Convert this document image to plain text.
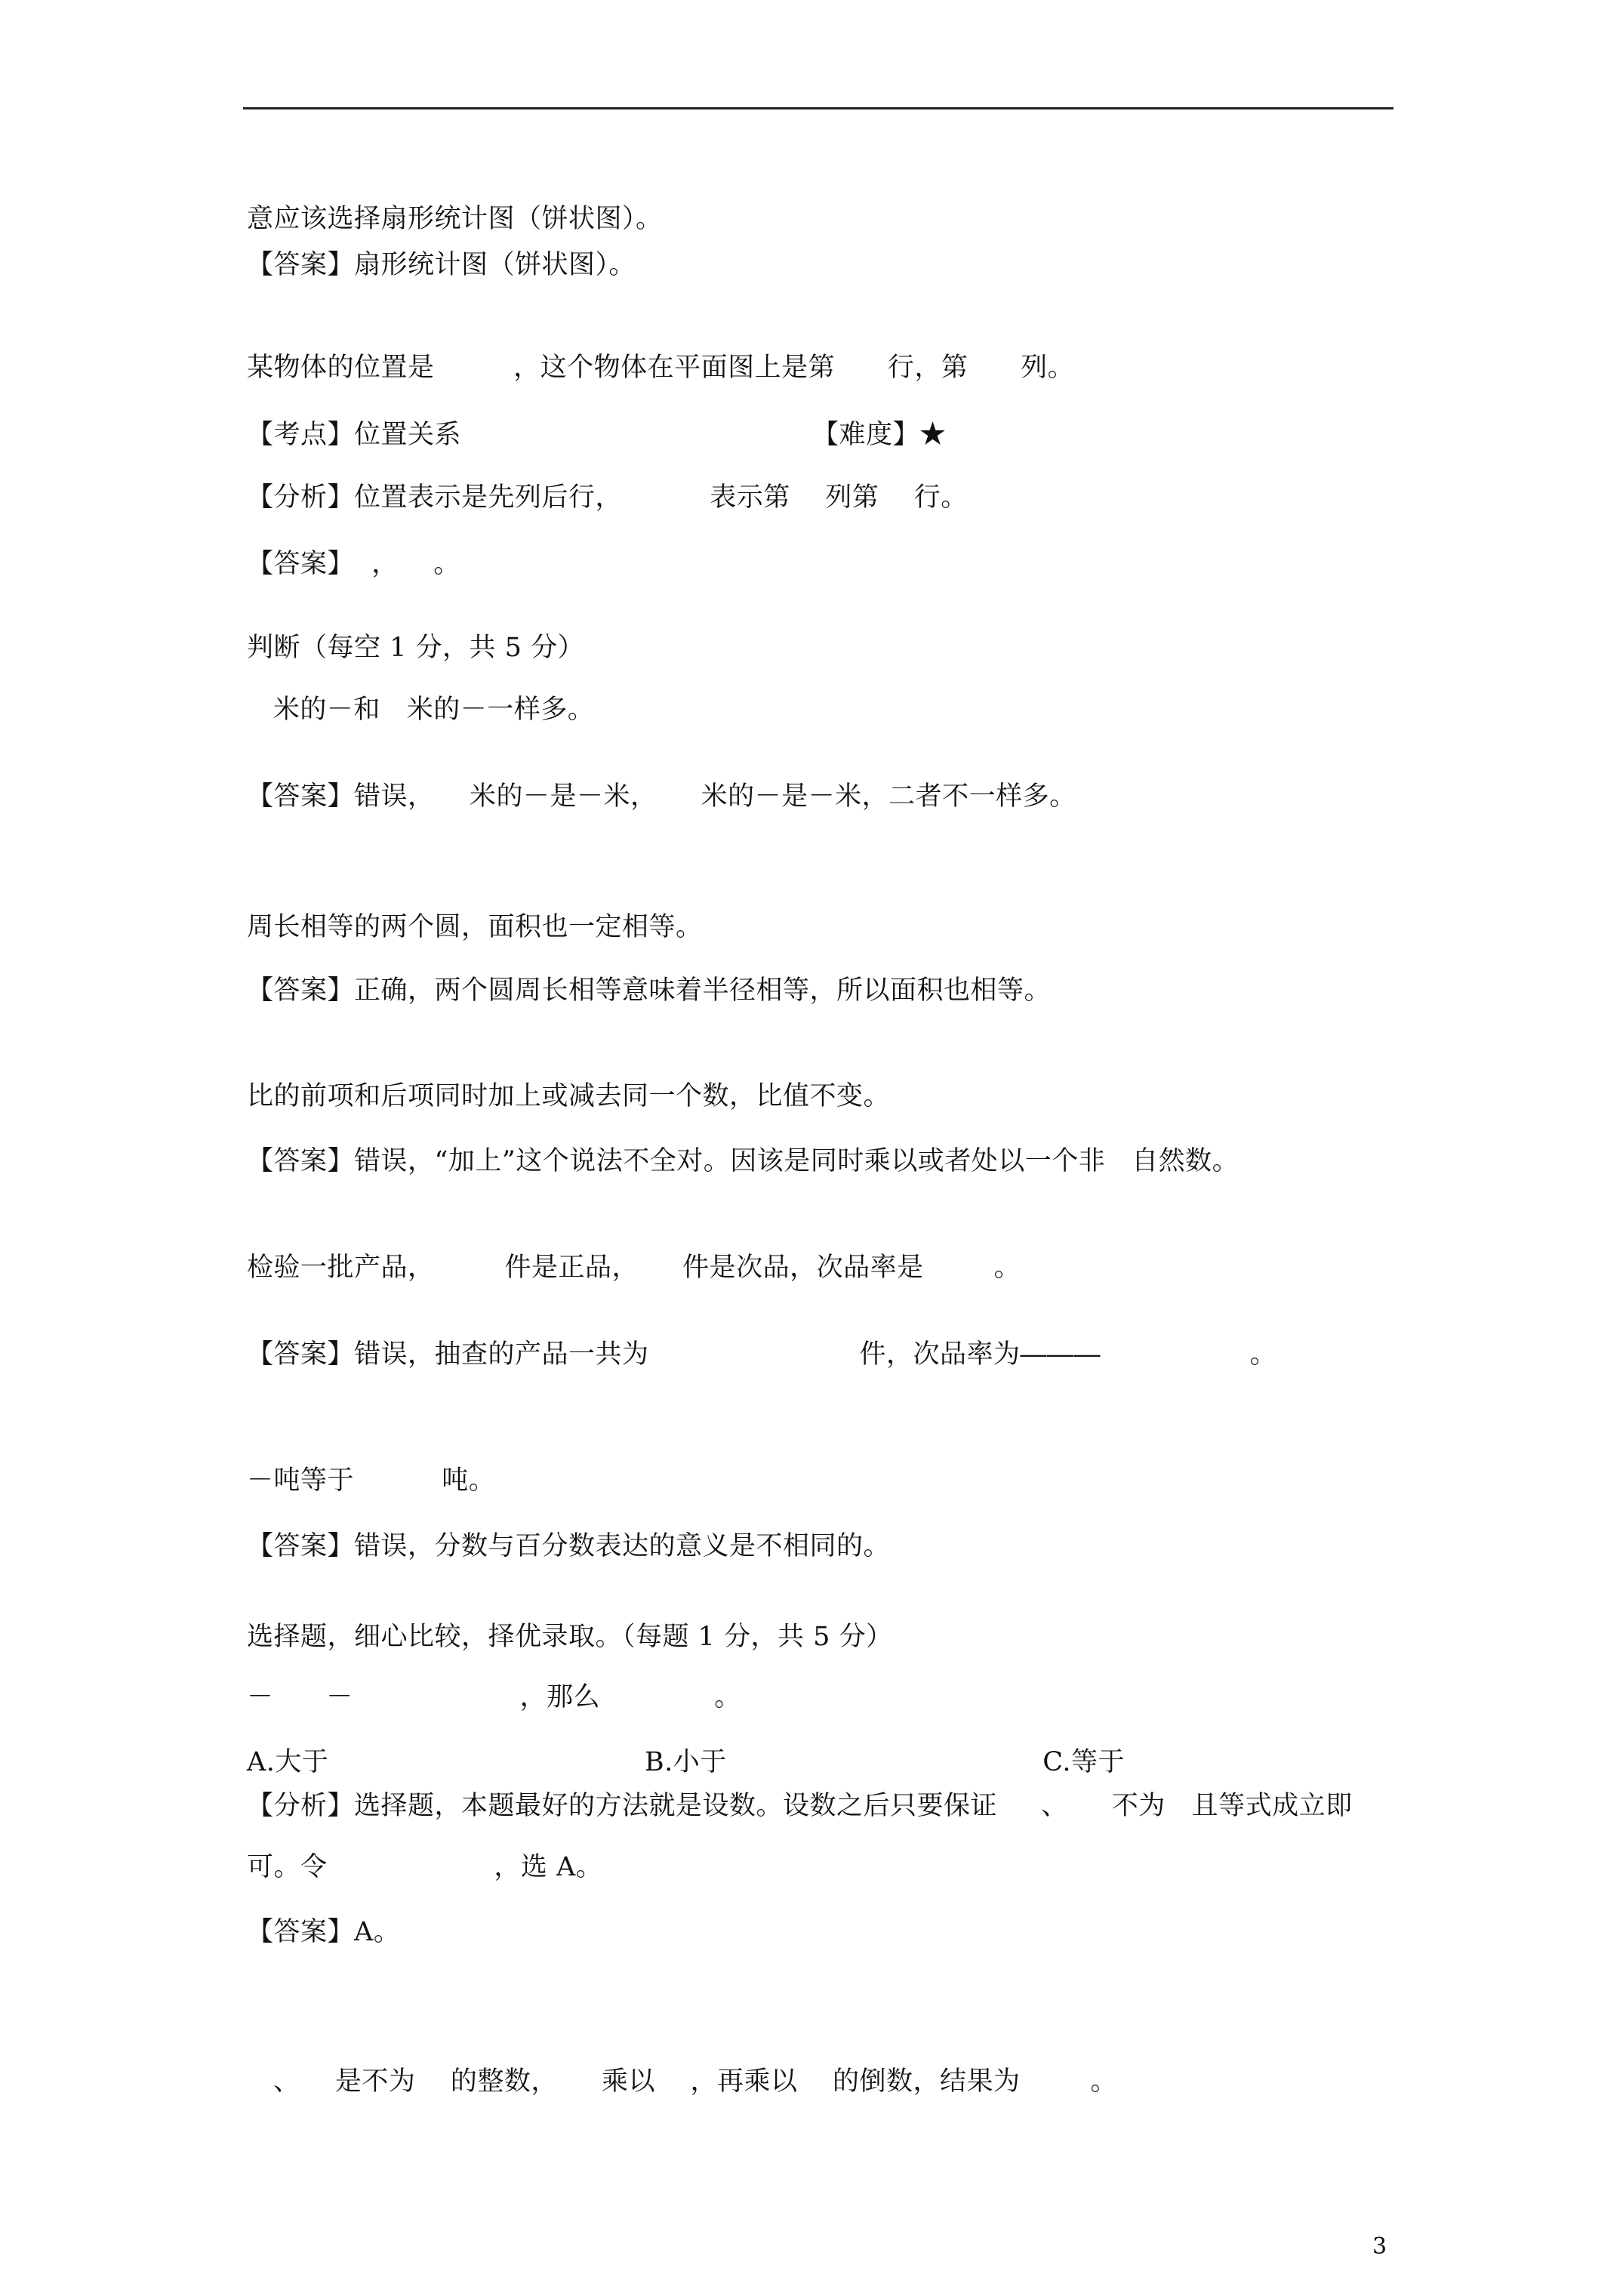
意应该选择扇形统计图（饼状图）。
【答案】扇形统计图（饼状图）。
某物体的位置是         ，这个物体在平面图上是第      行，第      列。
【考点】位置关系                                        【难度】★
【分析】位置表示是先列后行，          表示第    列第    行。
【答案】  ，    。
判断（每空 1 分，共 5 分）
米的－和   米的－一样多。
【答案】错误，    米的－是－米，     米的－是－米，二者不一样多。
周长相等的两个圆，面积也一定相等。
【答案】正确，两个圆周长相等意味着半径相等，所以面积也相等。
比的前项和后项同时加上或减去同一个数，比值不变。
【答案】错误，“加上”这个说法不全对。因该是同时乘以或者处以一个非   自然数。
检验一批产品，        件是正品，     件是次品，次品率是        。
【答案】错误，抽查的产品一共为                        件，次品率为―――                 。
－吨等于          吨。
【答案】错误，分数与百分数表达的意义是不相同的。
选择题，细心比较，择优录取。（每题 1 分，共 5 分）
－      －                   ，那么             。
A.大于                                    B.小于                                    C.等于
【分析】选择题，本题最好的方法就是设数。设数之后只要保证     、     不为   且等式成立即
可。令                   ，选 A。
【答案】A。
、    是不为    的整数，     乘以    ，再乘以    的倒数，结果为        。
3
